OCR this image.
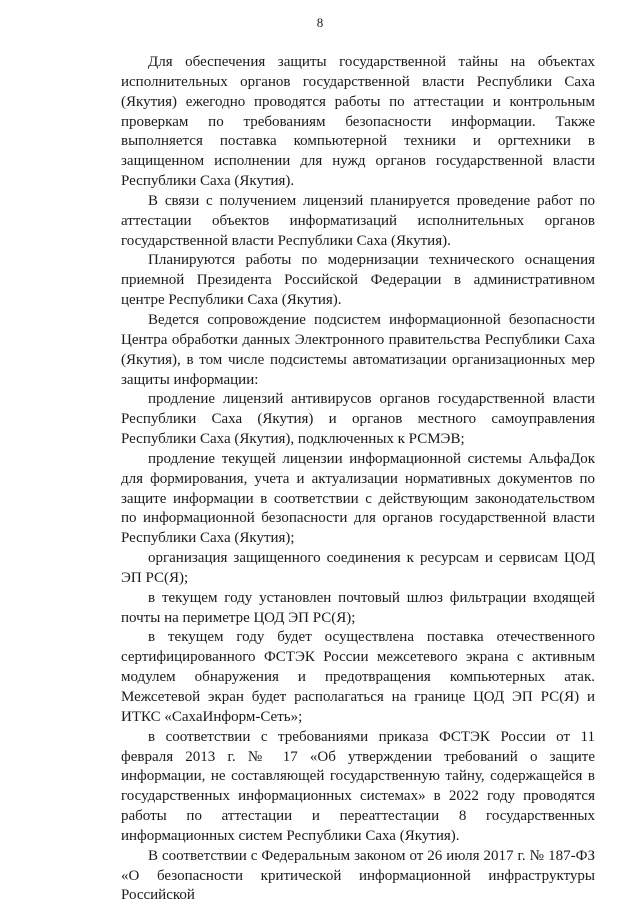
8

Для обеспечения защиты государственной тайны на объектах исполнительных органов государственной власти Республики Саха (Якутия) ежегодно проводятся работы по аттестации и контрольным проверкам по требованиям безопасности информации. Также выполняется поставка компьютерной техники и оргтехники в защищенном исполнении для нужд органов государственной власти Республики Саха (Якутия).

В связи с получением лицензий планируется проведение работ по аттестации объектов информатизаций исполнительных органов государственной власти Республики Саха (Якутия).

Планируются работы по модернизации технического оснащения приемной Президента Российской Федерации в административном центре Республики Саха (Якутия).

Ведется сопровождение подсистем информационной безопасности Центра обработки данных Электронного правительства Республики Саха (Якутия), в том числе подсистемы автоматизации организационных мер защиты информации:

продление лицензий антивирусов органов государственной власти Республики Саха (Якутия) и органов местного самоуправления Республики Саха (Якутия), подключенных к РСМЭВ;

продление текущей лицензии информационной системы АльфаДок для формирования, учета и актуализации нормативных документов по защите информации в соответствии с действующим законодательством по информационной безопасности для органов государственной власти Республики Саха (Якутия);

организация защищенного соединения к ресурсам и сервисам ЦОД ЭП РС(Я);

в текущем году установлен почтовый шлюз фильтрации входящей почты на периметре ЦОД ЭП РС(Я);

в текущем году будет осуществлена поставка отечественного сертифицированного ФСТЭК России межсетевого экрана с активным модулем обнаружения и предотвращения компьютерных атак. Межсетевой экран будет располагаться на границе ЦОД ЭП РС(Я) и ИТКС «СахаИнформ-Сеть»;

в соответствии с требованиями приказа ФСТЭК России от 11 февраля 2013 г. № 17 «Об утверждении требований о защите информации, не составляющей государственную тайну, содержащейся в государственных информационных системах» в 2022 году проводятся работы по аттестации и переаттестации 8 государственных информационных систем Республики Саха (Якутия).

В соответствии с Федеральным законом от 26 июля 2017 г. № 187-ФЗ «О безопасности критической информационной инфраструктуры Российской
